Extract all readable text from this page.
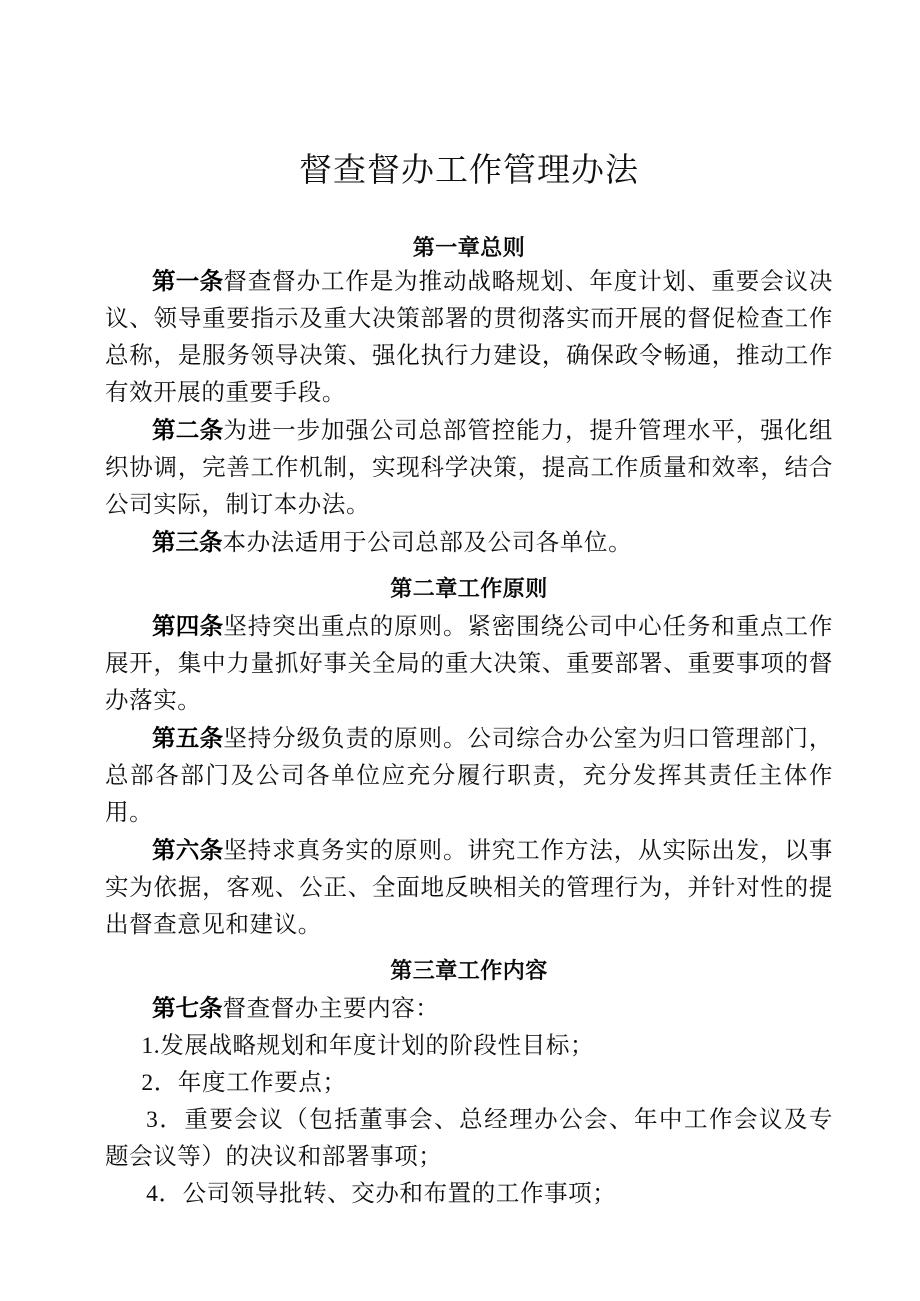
督查督办工作管理办法
第一章总则

第一条督查督办工作是为推动战略规划、年度计划、重要会议决议、领导重要指示及重大决策部署的贯彻落实而开展的督促检查工作总称，是服务领导决策、强化执行力建设，确保政令畅通，推动工作有效开展的重要手段。

第二条为进一步加强公司总部管控能力，提升管理水平，强化组织协调，完善工作机制，实现科学决策，提高工作质量和效率，结合公司实际，制订本办法。

第三条本办法适用于公司总部及公司各单位。

第二章工作原则

第四条坚持突出重点的原则。紧密围绕公司中心任务和重点工作展开，集中力量抓好事关全局的重大决策、重要部署、重要事项的督办落实。

第五条坚持分级负责的原则。公司综合办公室为归口管理部门，总部各部门及公司各单位应充分履行职责，充分发挥其责任主体作用。

第六条坚持求真务实的原则。讲究工作方法，从实际出发，以事实为依据，客观、公正、全面地反映相关的管理行为，并针对性的提出督查意见和建议。

第三章工作内容

第七条督查督办主要内容：

1.发展战略规划和年度计划的阶段性目标；

2．年度工作要点；

3．重要会议（包括董事会、总经理办公会、年中工作会议及专题会议等）的决议和部署事项；

4．公司领导批转、交办和布置的工作事项；
